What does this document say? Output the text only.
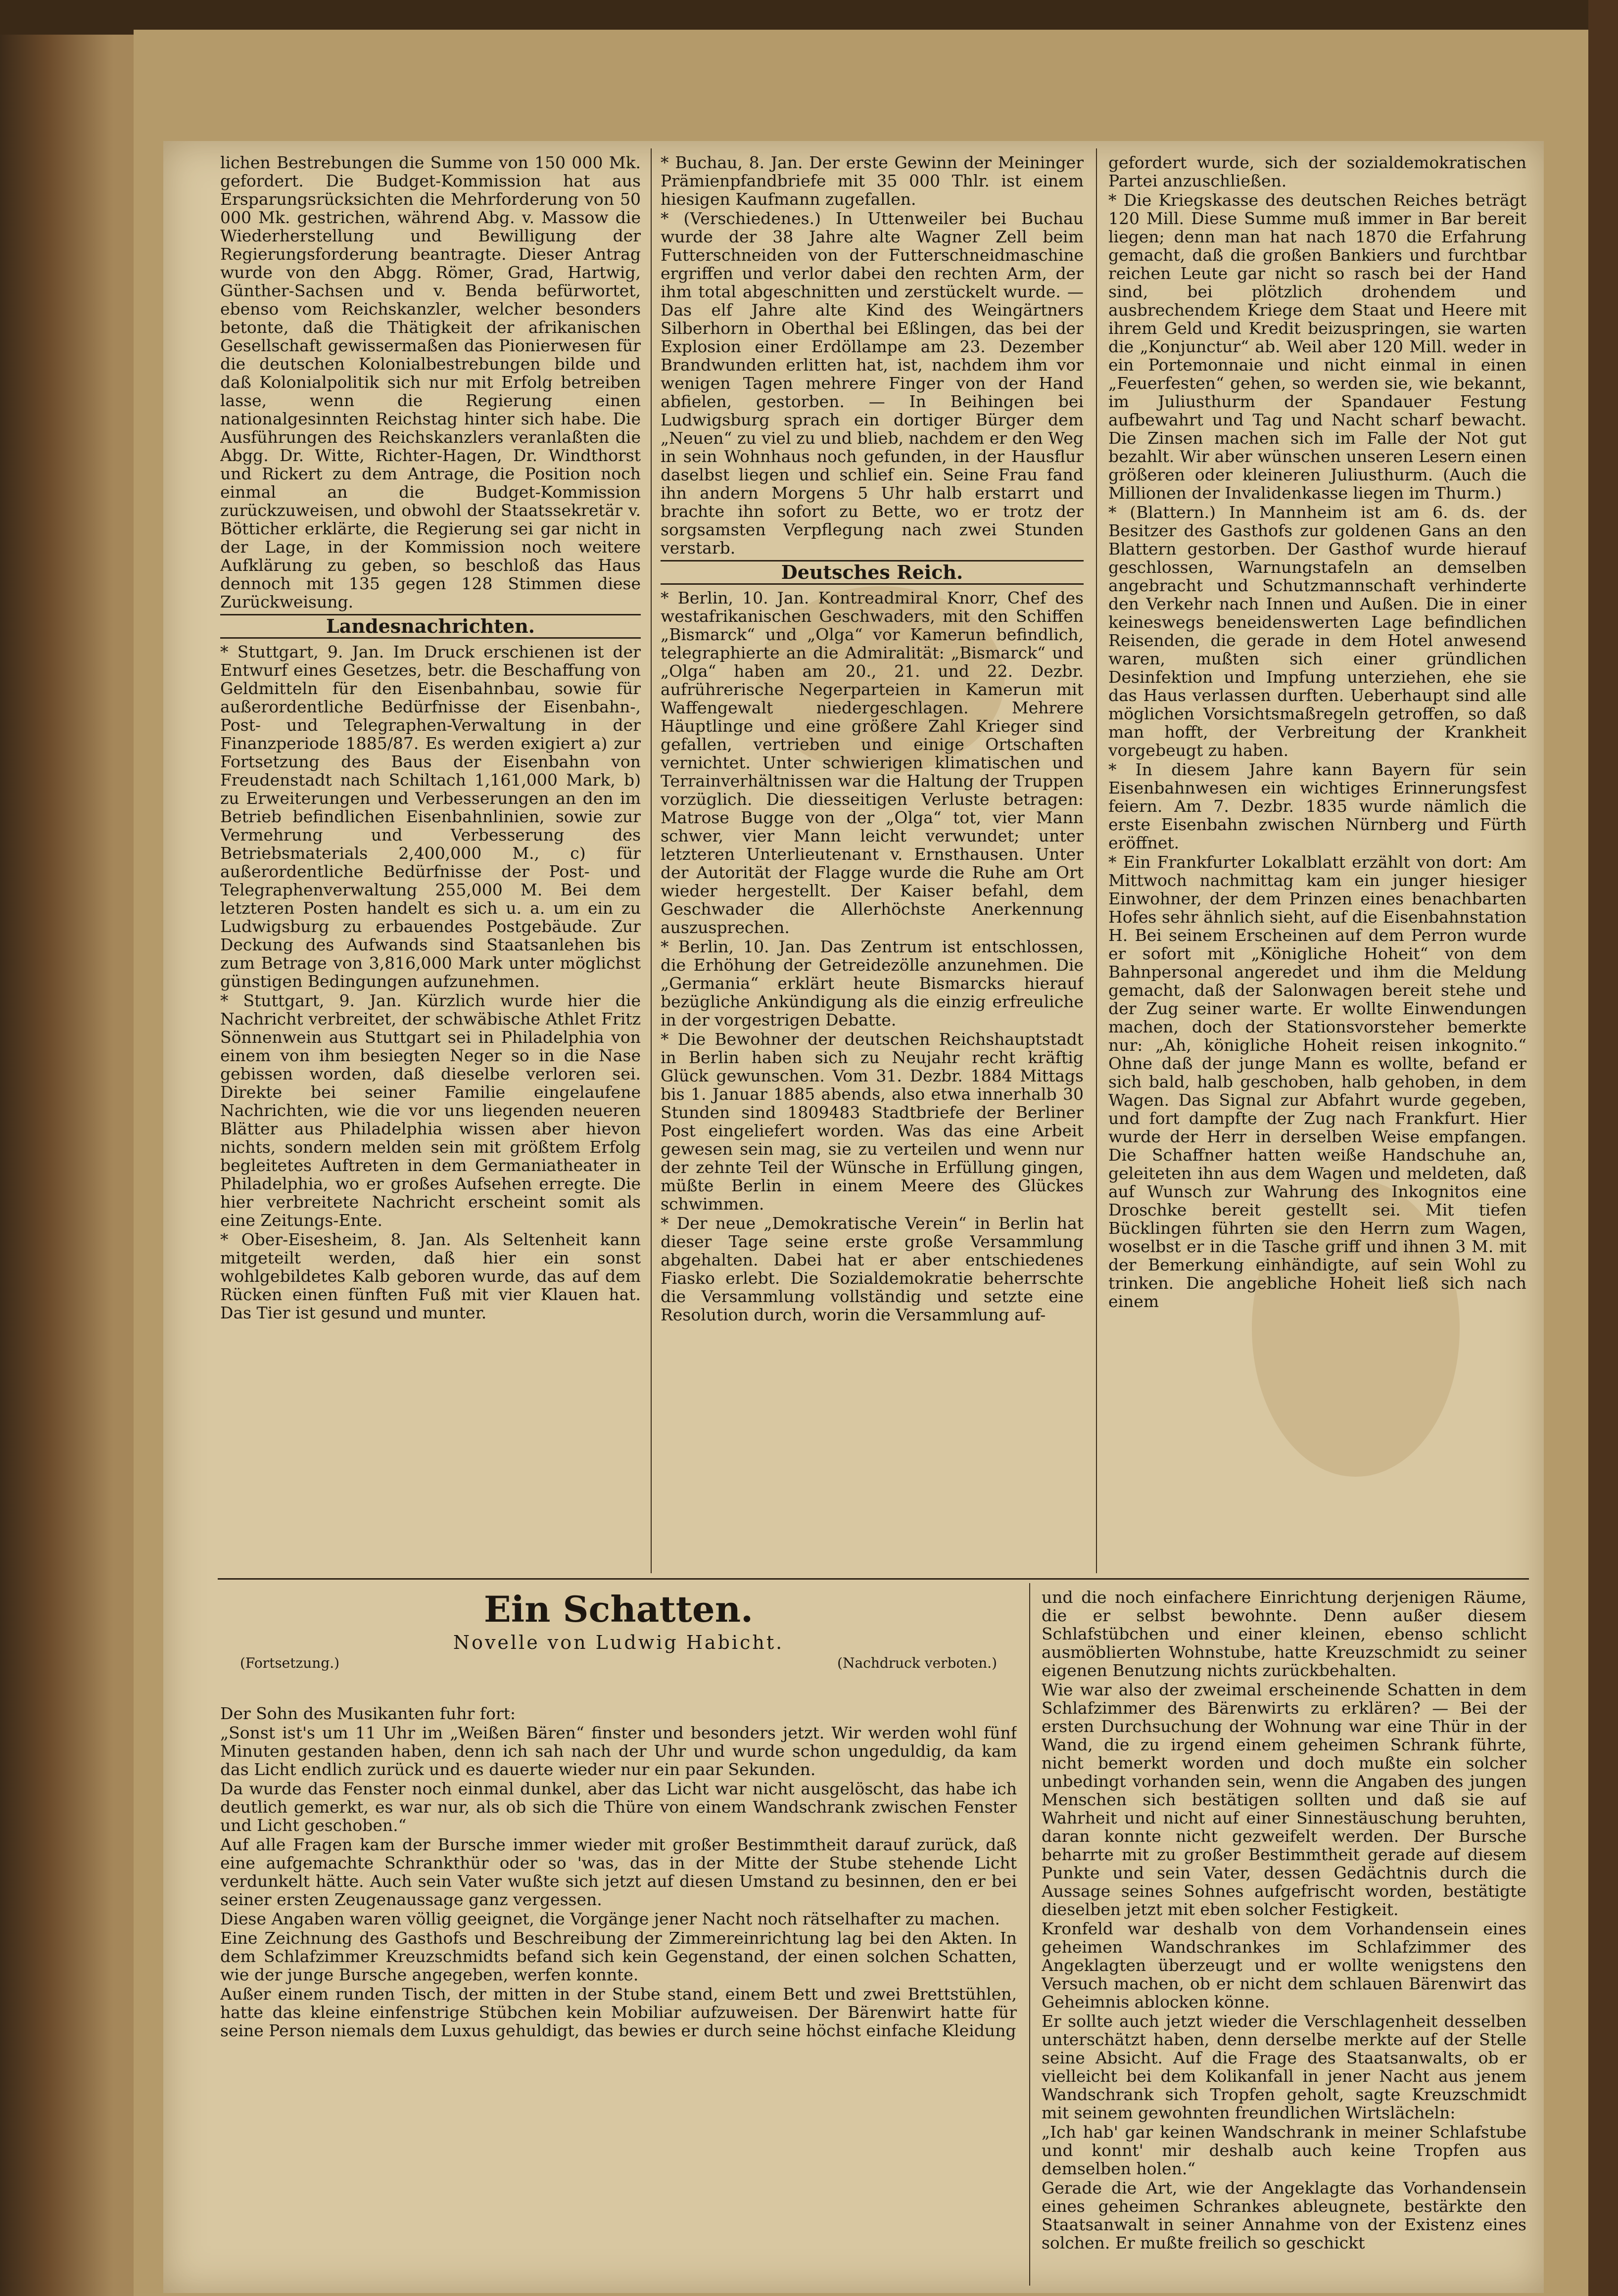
lichen Bestrebungen die Summe von 150 000 Mk. gefordert. Die Budget-Kommission hat aus Ersparungsrücksichten die Mehrforderung von 50 000 Mk. gestrichen, während Abg. v. Massow die Wiederherstellung und Bewilligung der Regierungsforderung beantragte. Dieser Antrag wurde von den Abgg. Römer, Grad, Hartwig, Günther-Sachsen und v. Benda befürwortet, ebenso vom Reichskanzler, welcher besonders betonte, daß die Thätigkeit der afrikanischen Gesellschaft gewissermaßen das Pionierwesen für die deutschen Kolonialbestrebungen bilde und daß Kolonialpolitik sich nur mit Erfolg betreiben lasse, wenn die Regierung einen nationalgesinnten Reichstag hinter sich habe. Die Ausführungen des Reichskanzlers veranlaßten die Abgg. Dr. Witte, Richter-Hagen, Dr. Windthorst und Rickert zu dem Antrage, die Position noch einmal an die Budget-Kommission zurückzuweisen, und obwohl der Staatssekretär v. Bötticher erklärte, die Regierung sei gar nicht in der Lage, in der Kommission noch weitere Aufklärung zu geben, so beschloß das Haus dennoch mit 135 gegen 128 Stimmen diese Zurückweisung.

Landesnachrichten.

* Stuttgart, 9. Jan. Im Druck erschienen ist der Entwurf eines Gesetzes, betr. die Beschaffung von Geldmitteln für den Eisenbahnbau, sowie für außerordentliche Bedürfnisse der Eisenbahn-, Post- und Telegraphen-Verwaltung in der Finanzperiode 1885/87. Es werden exigiert a) zur Fortsetzung des Baus der Eisenbahn von Freudenstadt nach Schiltach 1,161,000 Mark, b) zu Erweiterungen und Verbesserungen an den im Betrieb befindlichen Eisenbahnlinien, sowie zur Vermehrung und Verbesserung des Betriebsmaterials 2,400,000 M., c) für außerordentliche Bedürfnisse der Post- und Telegraphenverwaltung 255,000 M. Bei dem letzteren Posten handelt es sich u. a. um ein zu Ludwigsburg zu erbauendes Postgebäude. Zur Deckung des Aufwands sind Staatsanlehen bis zum Betrage von 3,816,000 Mark unter möglichst günstigen Bedingungen aufzunehmen.

* Stuttgart, 9. Jan. Kürzlich wurde hier die Nachricht verbreitet, der schwäbische Athlet Fritz Sönnenwein aus Stuttgart sei in Philadelphia von einem von ihm besiegten Neger so in die Nase gebissen worden, daß dieselbe verloren sei. Direkte bei seiner Familie eingelaufene Nachrichten, wie die vor uns liegenden neueren Blätter aus Philadelphia wissen aber hievon nichts, sondern melden sein mit größtem Erfolg begleitetes Auftreten in dem Germaniatheater in Philadelphia, wo er großes Aufsehen erregte. Die hier verbreitete Nachricht erscheint somit als eine Zeitungs-Ente.

* Ober-Eisesheim, 8. Jan. Als Seltenheit kann mitgeteilt werden, daß hier ein sonst wohlgebildetes Kalb geboren wurde, das auf dem Rücken einen fünften Fuß mit vier Klauen hat. Das Tier ist gesund und munter.

* Buchau, 8. Jan. Der erste Gewinn der Meininger Prämienpfandbriefe mit 35 000 Thlr. ist einem hiesigen Kaufmann zugefallen.

* (Verschiedenes.) In Uttenweiler bei Buchau wurde der 38 Jahre alte Wagner Zell beim Futterschneiden von der Futterschneidmaschine ergriffen und verlor dabei den rechten Arm, der ihm total abgeschnitten und zerstückelt wurde. — Das elf Jahre alte Kind des Weingärtners Silberhorn in Oberthal bei Eßlingen, das bei der Explosion einer Erdöllampe am 23. Dezember Brandwunden erlitten hat, ist, nachdem ihm vor wenigen Tagen mehrere Finger von der Hand abfielen, gestorben. — In Beihingen bei Ludwigsburg sprach ein dortiger Bürger dem „Neuen“ zu viel zu und blieb, nachdem er den Weg in sein Wohnhaus noch gefunden, in der Hausflur daselbst liegen und schlief ein. Seine Frau fand ihn andern Morgens 5 Uhr halb erstarrt und brachte ihn sofort zu Bette, wo er trotz der sorgsamsten Verpflegung nach zwei Stunden verstarb.

Deutsches Reich.

* Berlin, 10. Jan. Kontreadmiral Knorr, Chef des westafrikanischen Geschwaders, mit den Schiffen „Bismarck“ und „Olga“ vor Kamerun befindlich, telegraphierte an die Admiralität: „Bismarck“ und „Olga“ haben am 20., 21. und 22. Dezbr. aufrührerische Negerparteien in Kamerun mit Waffengewalt niedergeschlagen. Mehrere Häuptlinge und eine größere Zahl Krieger sind gefallen, vertrieben und einige Ortschaften vernichtet. Unter schwierigen klimatischen und Terrainverhältnissen war die Haltung der Truppen vorzüglich. Die diesseitigen Verluste betragen: Matrose Bugge von der „Olga“ tot, vier Mann schwer, vier Mann leicht verwundet; unter letzteren Unterlieutenant v. Ernsthausen. Unter der Autorität der Flagge wurde die Ruhe am Ort wieder hergestellt. Der Kaiser befahl, dem Geschwader die Allerhöchste Anerkennung auszusprechen.

* Berlin, 10. Jan. Das Zentrum ist entschlossen, die Erhöhung der Getreidezölle anzunehmen. Die „Germania“ erklärt heute Bismarcks hierauf bezügliche Ankündigung als die einzig erfreuliche in der vorgestrigen Debatte.

* Die Bewohner der deutschen Reichshauptstadt in Berlin haben sich zu Neujahr recht kräftig Glück gewunschen. Vom 31. Dezbr. 1884 Mittags bis 1. Januar 1885 abends, also etwa innerhalb 30 Stunden sind 1809483 Stadtbriefe der Berliner Post eingeliefert worden. Was das eine Arbeit gewesen sein mag, sie zu verteilen und wenn nur der zehnte Teil der Wünsche in Erfüllung gingen, müßte Berlin in einem Meere des Glückes schwimmen.

* Der neue „Demokratische Verein“ in Berlin hat dieser Tage seine erste große Versammlung abgehalten. Dabei hat er aber entschiedenes Fiasko erlebt. Die Sozialdemokratie beherrschte die Versammlung vollständig und setzte eine Resolution durch, worin die Versammlung auf-

gefordert wurde, sich der sozialdemokratischen Partei anzuschließen.

* Die Kriegskasse des deutschen Reiches beträgt 120 Mill. Diese Summe muß immer in Bar bereit liegen; denn man hat nach 1870 die Erfahrung gemacht, daß die großen Bankiers und furchtbar reichen Leute gar nicht so rasch bei der Hand sind, bei plötzlich drohendem und ausbrechendem Kriege dem Staat und Heere mit ihrem Geld und Kredit beizuspringen, sie warten die „Konjunctur“ ab. Weil aber 120 Mill. weder in ein Portemonnaie und nicht einmal in einen „Feuerfesten“ gehen, so werden sie, wie bekannt, im Juliusthurm der Spandauer Festung aufbewahrt und Tag und Nacht scharf bewacht. Die Zinsen machen sich im Falle der Not gut bezahlt. Wir aber wünschen unseren Lesern einen größeren oder kleineren Juliusthurm. (Auch die Millionen der Invalidenkasse liegen im Thurm.)

* (Blattern.) In Mannheim ist am 6. ds. der Besitzer des Gasthofs zur goldenen Gans an den Blattern gestorben. Der Gasthof wurde hierauf geschlossen, Warnungstafeln an demselben angebracht und Schutzmannschaft verhinderte den Verkehr nach Innen und Außen. Die in einer keineswegs beneidenswerten Lage befindlichen Reisenden, die gerade in dem Hotel anwesend waren, mußten sich einer gründlichen Desinfektion und Impfung unterziehen, ehe sie das Haus verlassen durften. Ueberhaupt sind alle möglichen Vorsichtsmaßregeln getroffen, so daß man hofft, der Verbreitung der Krankheit vorgebeugt zu haben.

* In diesem Jahre kann Bayern für sein Eisenbahnwesen ein wichtiges Erinnerungsfest feiern. Am 7. Dezbr. 1835 wurde nämlich die erste Eisenbahn zwischen Nürnberg und Fürth eröffnet.

* Ein Frankfurter Lokalblatt erzählt von dort: Am Mittwoch nachmittag kam ein junger hiesiger Einwohner, der dem Prinzen eines benachbarten Hofes sehr ähnlich sieht, auf die Eisenbahnstation H. Bei seinem Erscheinen auf dem Perron wurde er sofort mit „Königliche Hoheit“ von dem Bahnpersonal angeredet und ihm die Meldung gemacht, daß der Salonwagen bereit stehe und der Zug seiner warte. Er wollte Einwendungen machen, doch der Stationsvorsteher bemerkte nur: „Ah, königliche Hoheit reisen inkognito.“ Ohne daß der junge Mann es wollte, befand er sich bald, halb geschoben, halb gehoben, in dem Wagen. Das Signal zur Abfahrt wurde gegeben, und fort dampfte der Zug nach Frankfurt. Hier wurde der Herr in derselben Weise empfangen. Die Schaffner hatten weiße Handschuhe an, geleiteten ihn aus dem Wagen und meldeten, daß auf Wunsch zur Wahrung des Inkognitos eine Droschke bereit gestellt sei. Mit tiefen Bücklingen führten sie den Herrn zum Wagen, woselbst er in die Tasche griff und ihnen 3 M. mit der Bemerkung einhändigte, auf sein Wohl zu trinken. Die angebliche Hoheit ließ sich nach einem

Ein Schatten.
Novelle von Ludwig Habicht.
(Fortsetzung.)	(Nachdruck verboten.)

Der Sohn des Musikanten fuhr fort:

„Sonst ist's um 11 Uhr im „Weißen Bären“ finster und besonders jetzt. Wir werden wohl fünf Minuten gestanden haben, denn ich sah nach der Uhr und wurde schon ungeduldig, da kam das Licht endlich zurück und es dauerte wieder nur ein paar Sekunden.

Da wurde das Fenster noch einmal dunkel, aber das Licht war nicht ausgelöscht, das habe ich deutlich gemerkt, es war nur, als ob sich die Thüre von einem Wandschrank zwischen Fenster und Licht geschoben.“

Auf alle Fragen kam der Bursche immer wieder mit großer Bestimmtheit darauf zurück, daß eine aufgemachte Schrankthür oder so 'was, das in der Mitte der Stube stehende Licht verdunkelt hätte. Auch sein Vater wußte sich jetzt auf diesen Umstand zu besinnen, den er bei seiner ersten Zeugenaussage ganz vergessen.

Diese Angaben waren völlig geeignet, die Vorgänge jener Nacht noch rätselhafter zu machen.

Eine Zeichnung des Gasthofs und Beschreibung der Zimmereinrichtung lag bei den Akten. In dem Schlafzimmer Kreuzschmidts befand sich kein Gegenstand, der einen solchen Schatten, wie der junge Bursche angegeben, werfen konnte.

Außer einem runden Tisch, der mitten in der Stube stand, einem Bett und zwei Brettstühlen, hatte das kleine einfenstrige Stübchen kein Mobiliar aufzuweisen. Der Bärenwirt hatte für seine Person niemals dem Luxus gehuldigt, das bewies er durch seine höchst einfache Kleidung

und die noch einfachere Einrichtung derjenigen Räume, die er selbst bewohnte. Denn außer diesem Schlafstübchen und einer kleinen, ebenso schlicht ausmöblierten Wohnstube, hatte Kreuzschmidt zu seiner eigenen Benutzung nichts zurückbehalten.

Wie war also der zweimal erscheinende Schatten in dem Schlafzimmer des Bärenwirts zu erklären? — Bei der ersten Durchsuchung der Wohnung war eine Thür in der Wand, die zu irgend einem geheimen Schrank führte, nicht bemerkt worden und doch mußte ein solcher unbedingt vorhanden sein, wenn die Angaben des jungen Menschen sich bestätigen sollten und daß sie auf Wahrheit und nicht auf einer Sinnestäuschung beruhten, daran konnte nicht gezweifelt werden. Der Bursche beharrte mit zu großer Bestimmtheit gerade auf diesem Punkte und sein Vater, dessen Gedächtnis durch die Aussage seines Sohnes aufgefrischt worden, bestätigte dieselben jetzt mit eben solcher Festigkeit.

Kronfeld war deshalb von dem Vorhandensein eines geheimen Wandschrankes im Schlafzimmer des Angeklagten überzeugt und er wollte wenigstens den Versuch machen, ob er nicht dem schlauen Bärenwirt das Geheimnis ablocken könne.

Er sollte auch jetzt wieder die Verschlagenheit desselben unterschätzt haben, denn derselbe merkte auf der Stelle seine Absicht. Auf die Frage des Staatsanwalts, ob er vielleicht bei dem Kolikanfall in jener Nacht aus jenem Wandschrank sich Tropfen geholt, sagte Kreuzschmidt mit seinem gewohnten freundlichen Wirtslächeln:

„Ich hab' gar keinen Wandschrank in meiner Schlafstube und konnt' mir deshalb auch keine Tropfen aus demselben holen.“

Gerade die Art, wie der Angeklagte das Vorhandensein eines geheimen Schrankes ableugnete, bestärkte den Staatsanwalt in seiner Annahme von der Existenz eines solchen. Er mußte freilich so geschickt
